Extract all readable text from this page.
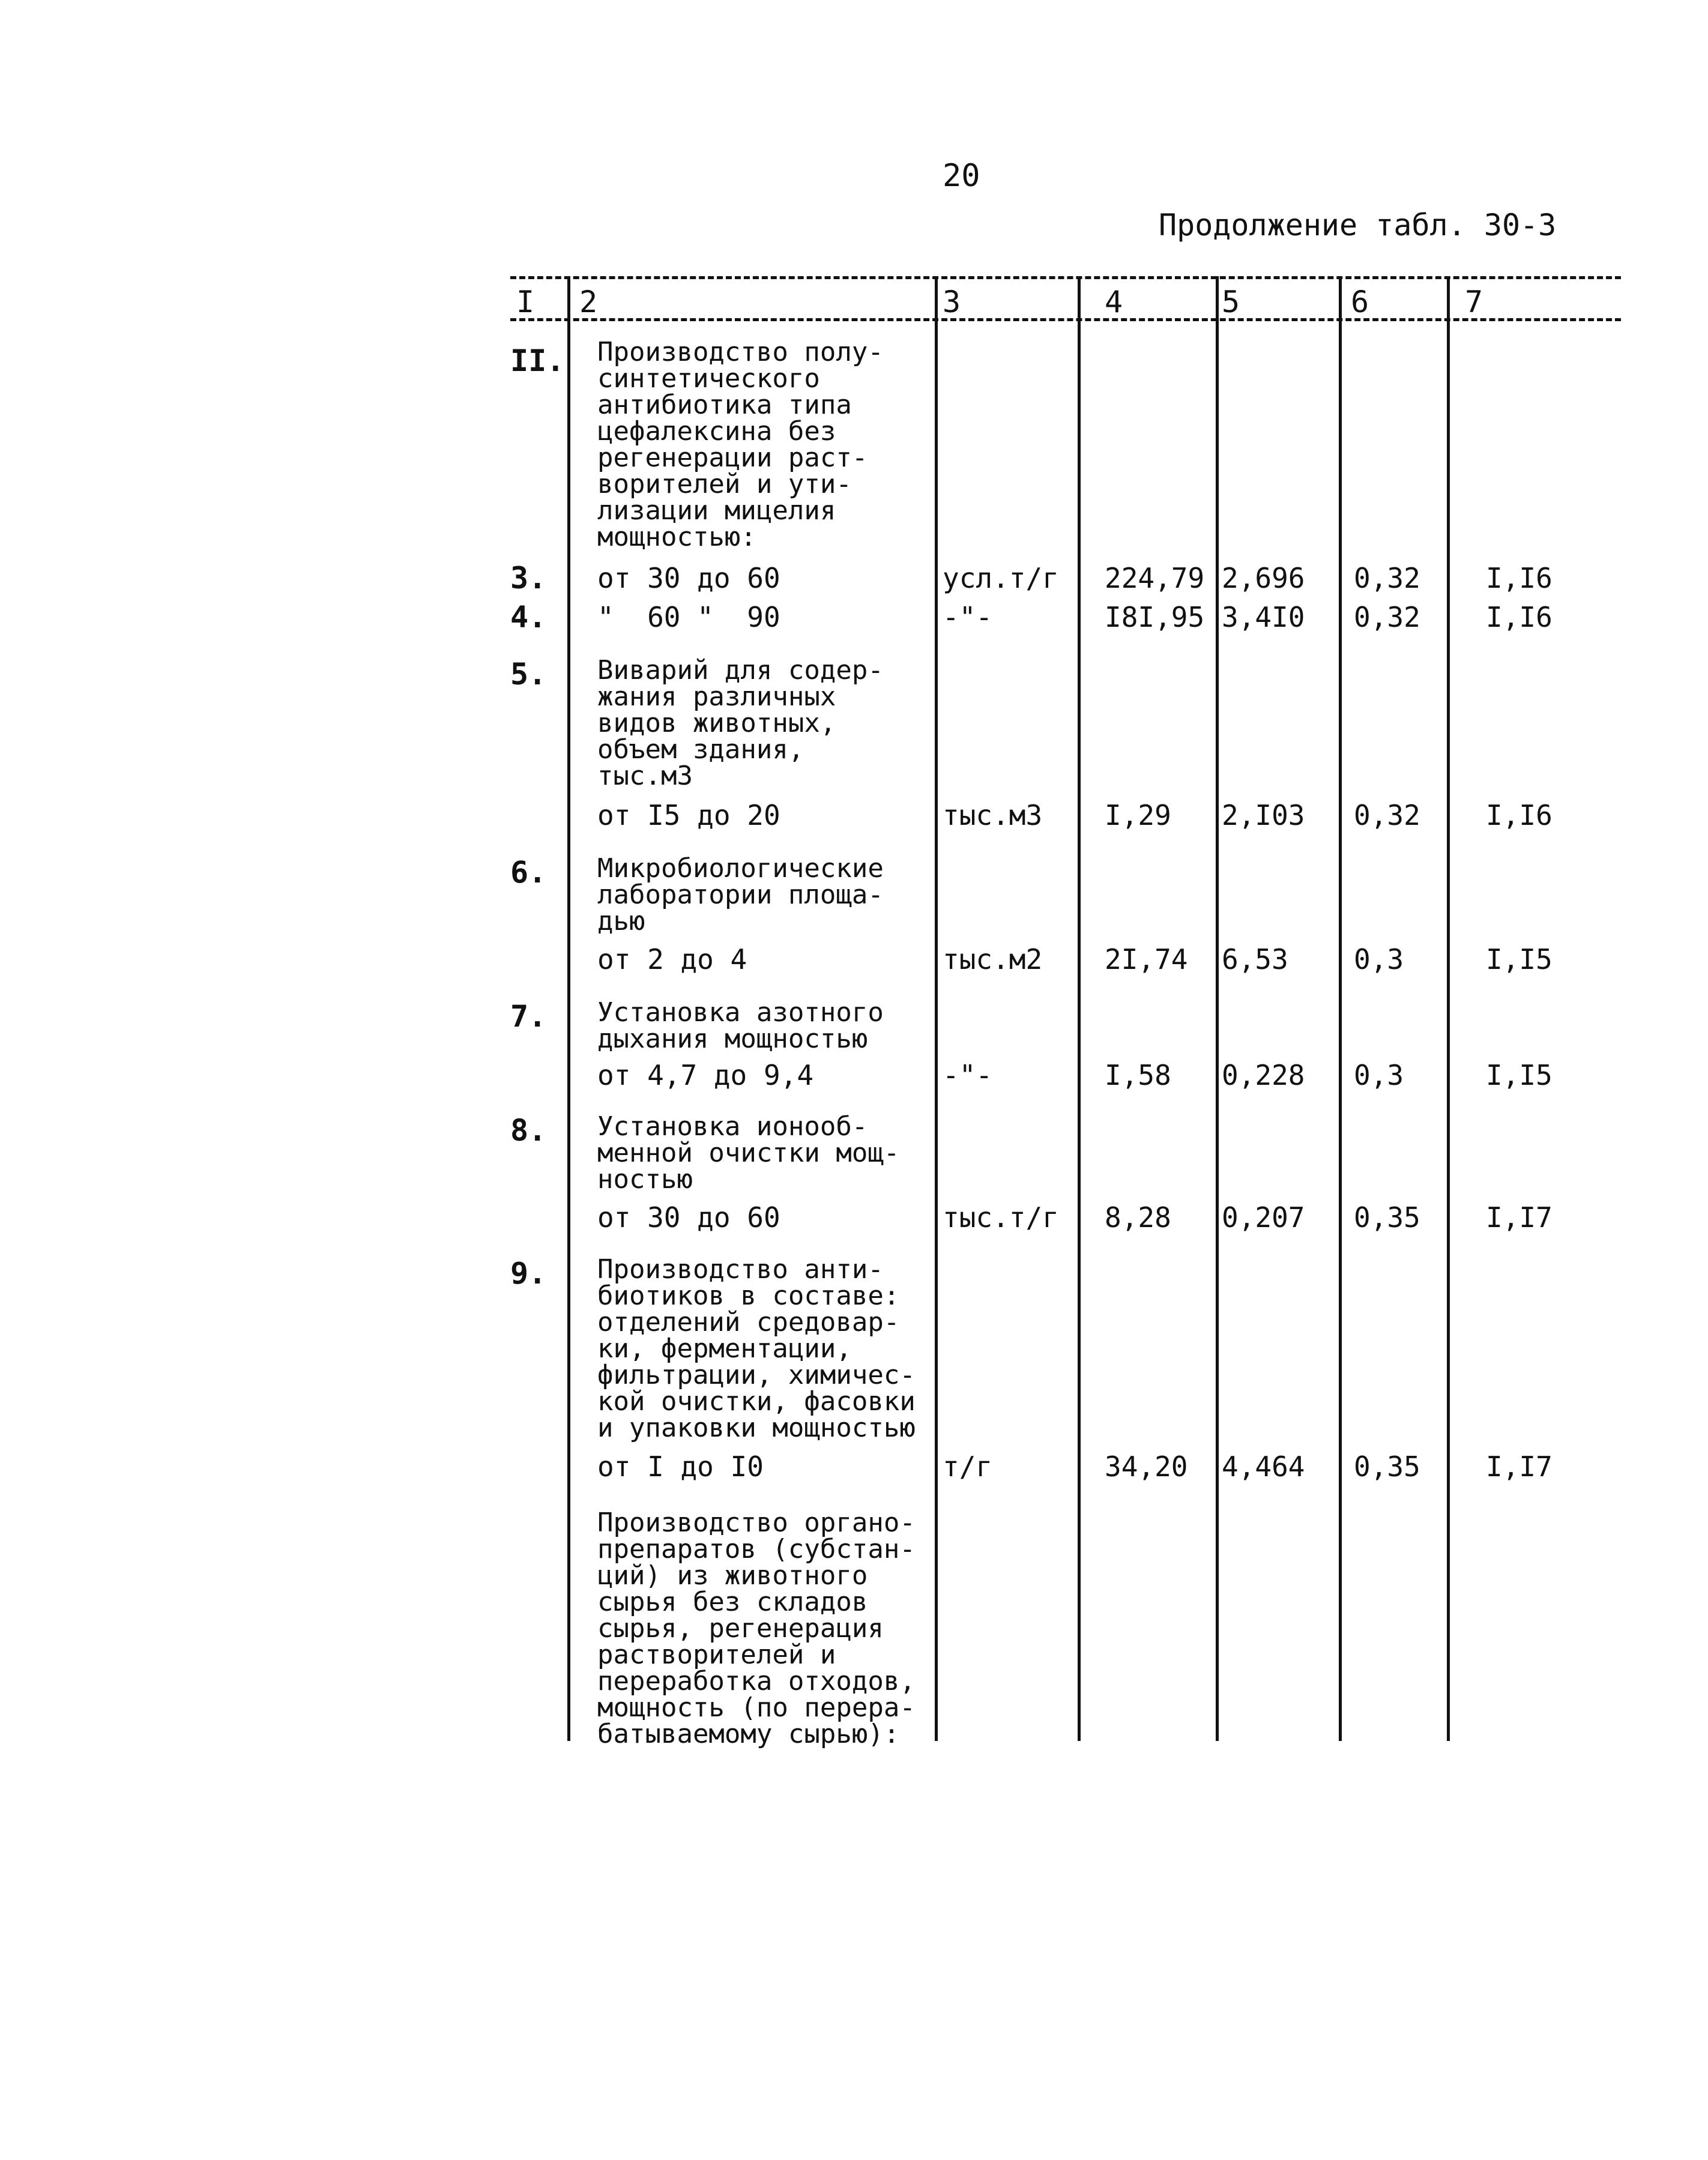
20
Продолжение табл. 30-3
I 2	3	4	5	6	7
II. Производство полу-
синтетического
антибиотика типа
цефалексина без
регенерации раст-
ворителей и ути-
лизации мицелия
мощностью:
3. от 30 до 60	усл.т/г 224,79 2,696 0,32 I,I6
4. "  60 "  90	-"-	I8I,95 3,4I0 0,32 I,I6
5. Виварий для содер-
жания различных
видов животных,
объем здания,
тыс.м3
от I5 до 20	тыс.м3 I,29 2,I03 0,32 I,I6
6. Микробиологические
лаборатории площа-
дью
от 2 до 4	тыс.м2 2I,74 6,53 0,3	I,I5
7. Установка азотного
дыхания мощностью
от 4,7 до 9,4	-"-	I,58 0,228 0,3	I,I5
8. Установка ионооб-
менной очистки мощ-
ностью
от 30 до 60	тыс.т/г 8,28 0,207 0,35 I,I7
9. Производство анти-
биотиков в составе:
отделений средовар-
ки, ферментации,
фильтрации, химичес-
кой очистки, фасовки
и упаковки мощностью
от I до I0	т/г	34,20 4,464 0,35 I,I7
Производство органо-
препаратов (субстан-
ций) из животного
сырья без складов
сырья, регенерация
растворителей и
переработка отходов,
мощность (по перера-
батываемому сырью):
